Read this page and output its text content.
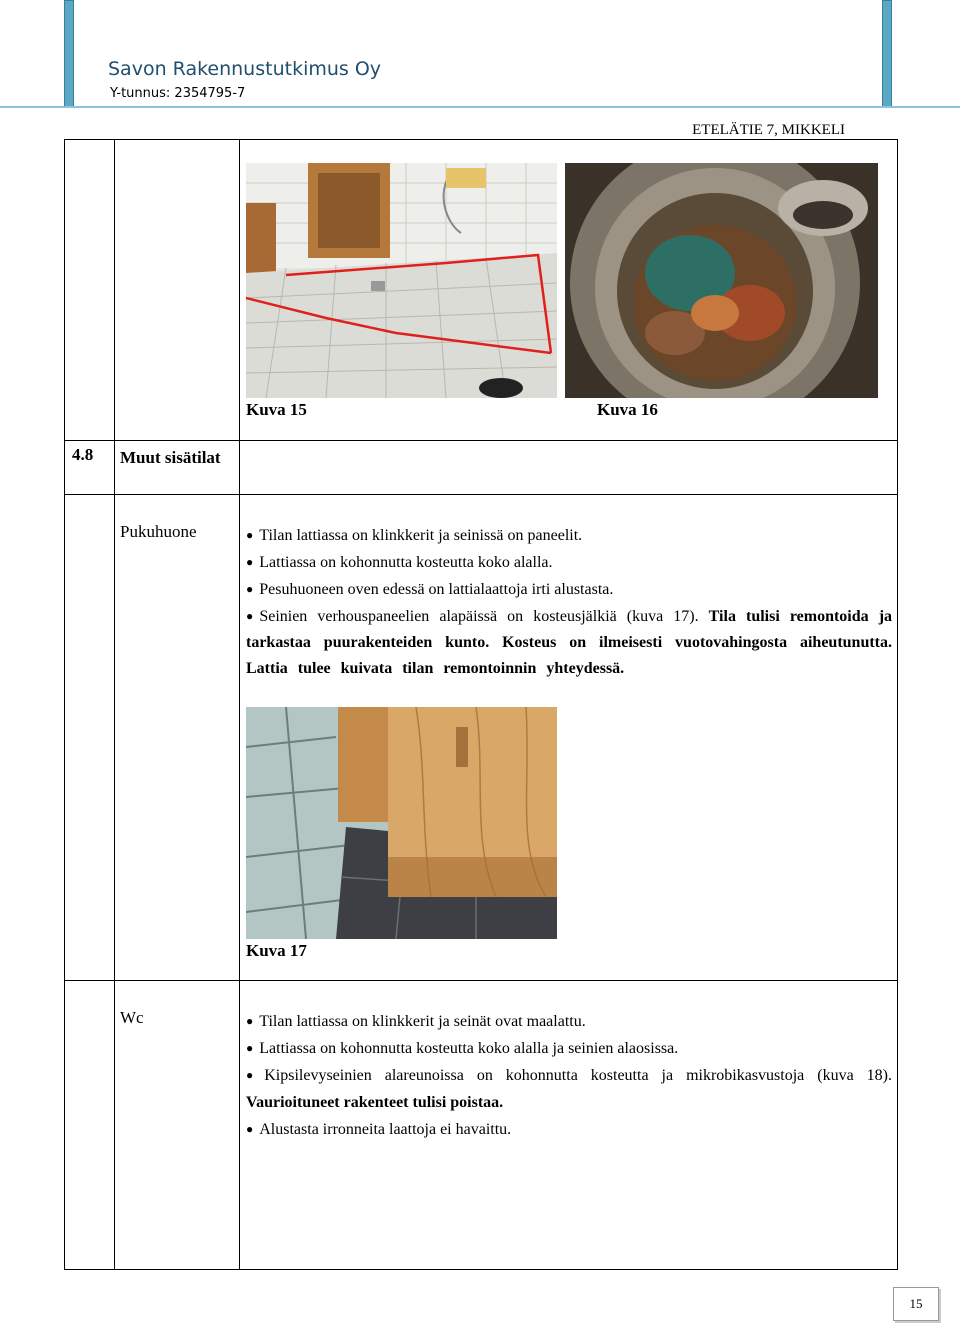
Savon Rakennustutkimus Oy
Y-tunnus: 2354795-7
ETELÄTIE 7, MIKKELI
Kuva 15	Kuva 16
4.8 Muut sisätilat
Pukuhuone	● Tilan lattiassa on klinkkerit ja seinissä on paneelit.

● Lattiassa on kohonnutta kosteutta koko alalla.

● Pesuhuoneen oven edessä on lattialaattoja irti alustasta.

● Seinien verhouspaneelien alapäissä on kosteusjälkiä (kuva 17). Tila tulisi remontoida ja tarkastaa puurakenteiden kunto. Kosteus on ilmeisesti vuotovahingosta aiheutunutta. Lattia tulee kuivata tilan remontoinnin yhteydessä.

Kuva 17
Wc	● Tilan lattiassa on klinkkerit ja seinät ovat maalattu.

● Lattiassa on kohonnutta kosteutta koko alalla ja seinien alaosissa.

● Kipsilevyseinien alareunoissa on kohonnutta kosteutta ja mikrobikasvustoja (kuva 18). Vaurioituneet rakenteet tulisi poistaa.

● Alustasta irronneita laattoja ei havaittu.

15
